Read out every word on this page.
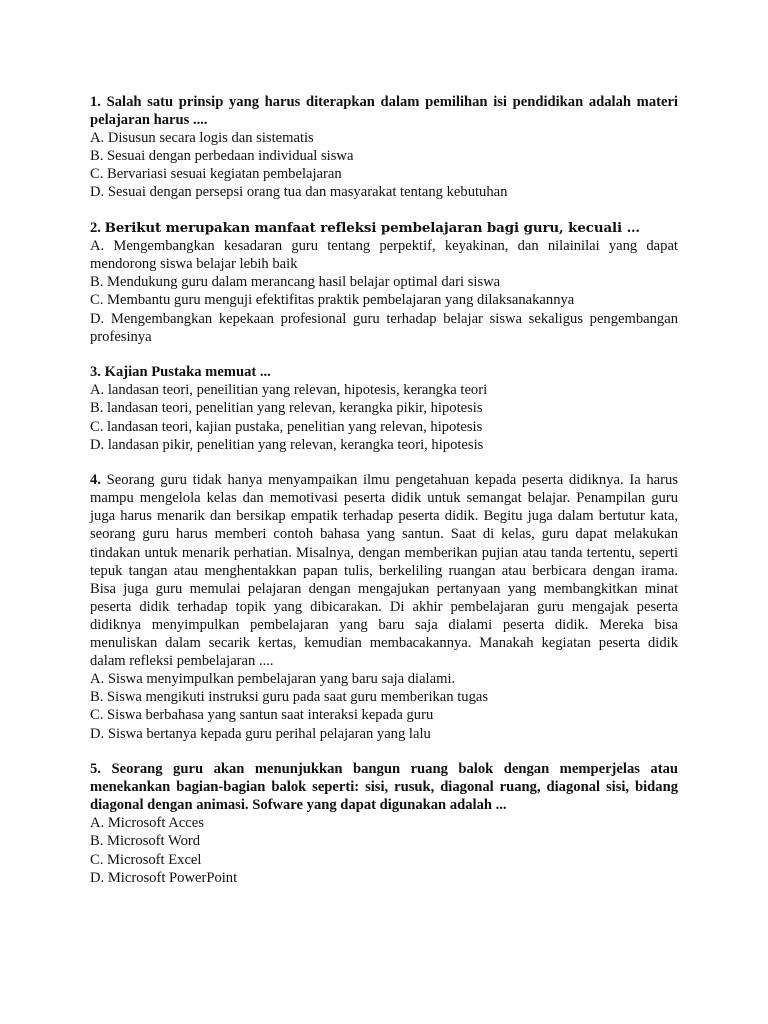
1. Salah satu prinsip yang harus diterapkan dalam pemilihan isi pendidikan adalah materi pelajaran harus ....

A. Disusun secara logis dan sistematis
B. Sesuai dengan perbedaan individual siswa
C. Bervariasi sesuai kegiatan pembelajaran
D. Sesuai dengan persepsi orang tua dan masyarakat tentang kebutuhan

2. Berikut merupakan manfaat refleksi pembelajaran bagi guru, kecuali …

A. Mengembangkan kesadaran guru tentang perpektif, keyakinan, dan nilainilai yang dapat mendorong siswa belajar lebih baik
B. Mendukung guru dalam merancang hasil belajar optimal dari siswa
C. Membantu guru menguji efektifitas praktik pembelajaran yang dilaksanakannya
D. Mengembangkan kepekaan profesional guru terhadap belajar siswa sekaligus pengembangan profesinya

3. Kajian Pustaka memuat ...

A. landasan teori, peneilitian yang relevan, hipotesis, kerangka teori
B. landasan teori, penelitian yang relevan, kerangka pikir, hipotesis
C. landasan teori, kajian pustaka, penelitian yang relevan, hipotesis
D. landasan pikir, penelitian yang relevan, kerangka teori, hipotesis

4. Seorang guru tidak hanya menyampaikan ilmu pengetahuan kepada peserta didiknya. Ia harus mampu mengelola kelas dan memotivasi peserta didik untuk semangat belajar. Penampilan guru juga harus menarik dan bersikap empatik terhadap peserta didik. Begitu juga dalam bertutur kata, seorang guru harus memberi contoh bahasa yang santun. Saat di kelas, guru dapat melakukan tindakan untuk menarik perhatian. Misalnya, dengan memberikan pujian atau tanda tertentu, seperti tepuk tangan atau menghentakkan papan tulis, berkeliling ruangan atau berbicara dengan irama. Bisa juga guru memulai pelajaran dengan mengajukan pertanyaan yang membangkitkan minat peserta didik terhadap topik yang dibicarakan. Di akhir pembelajaran guru mengajak peserta didiknya menyimpulkan pembelajaran yang baru saja dialami peserta didik. Mereka bisa menuliskan dalam secarik kertas, kemudian membacakannya. Manakah kegiatan peserta didik dalam refleksi pembelajaran ....

A. Siswa menyimpulkan pembelajaran yang baru saja dialami.
B. Siswa mengikuti instruksi guru pada saat guru memberikan tugas
C. Siswa berbahasa yang santun saat interaksi kepada guru
D. Siswa bertanya kepada guru perihal pelajaran yang lalu

5. Seorang guru akan menunjukkan bangun ruang balok dengan memperjelas atau menekankan bagian-bagian balok seperti: sisi, rusuk, diagonal ruang, diagonal sisi, bidang diagonal dengan animasi. Sofware yang dapat digunakan adalah ...

A. Microsoft Acces
B. Microsoft Word
C. Microsoft Excel
D. Microsoft PowerPoint
